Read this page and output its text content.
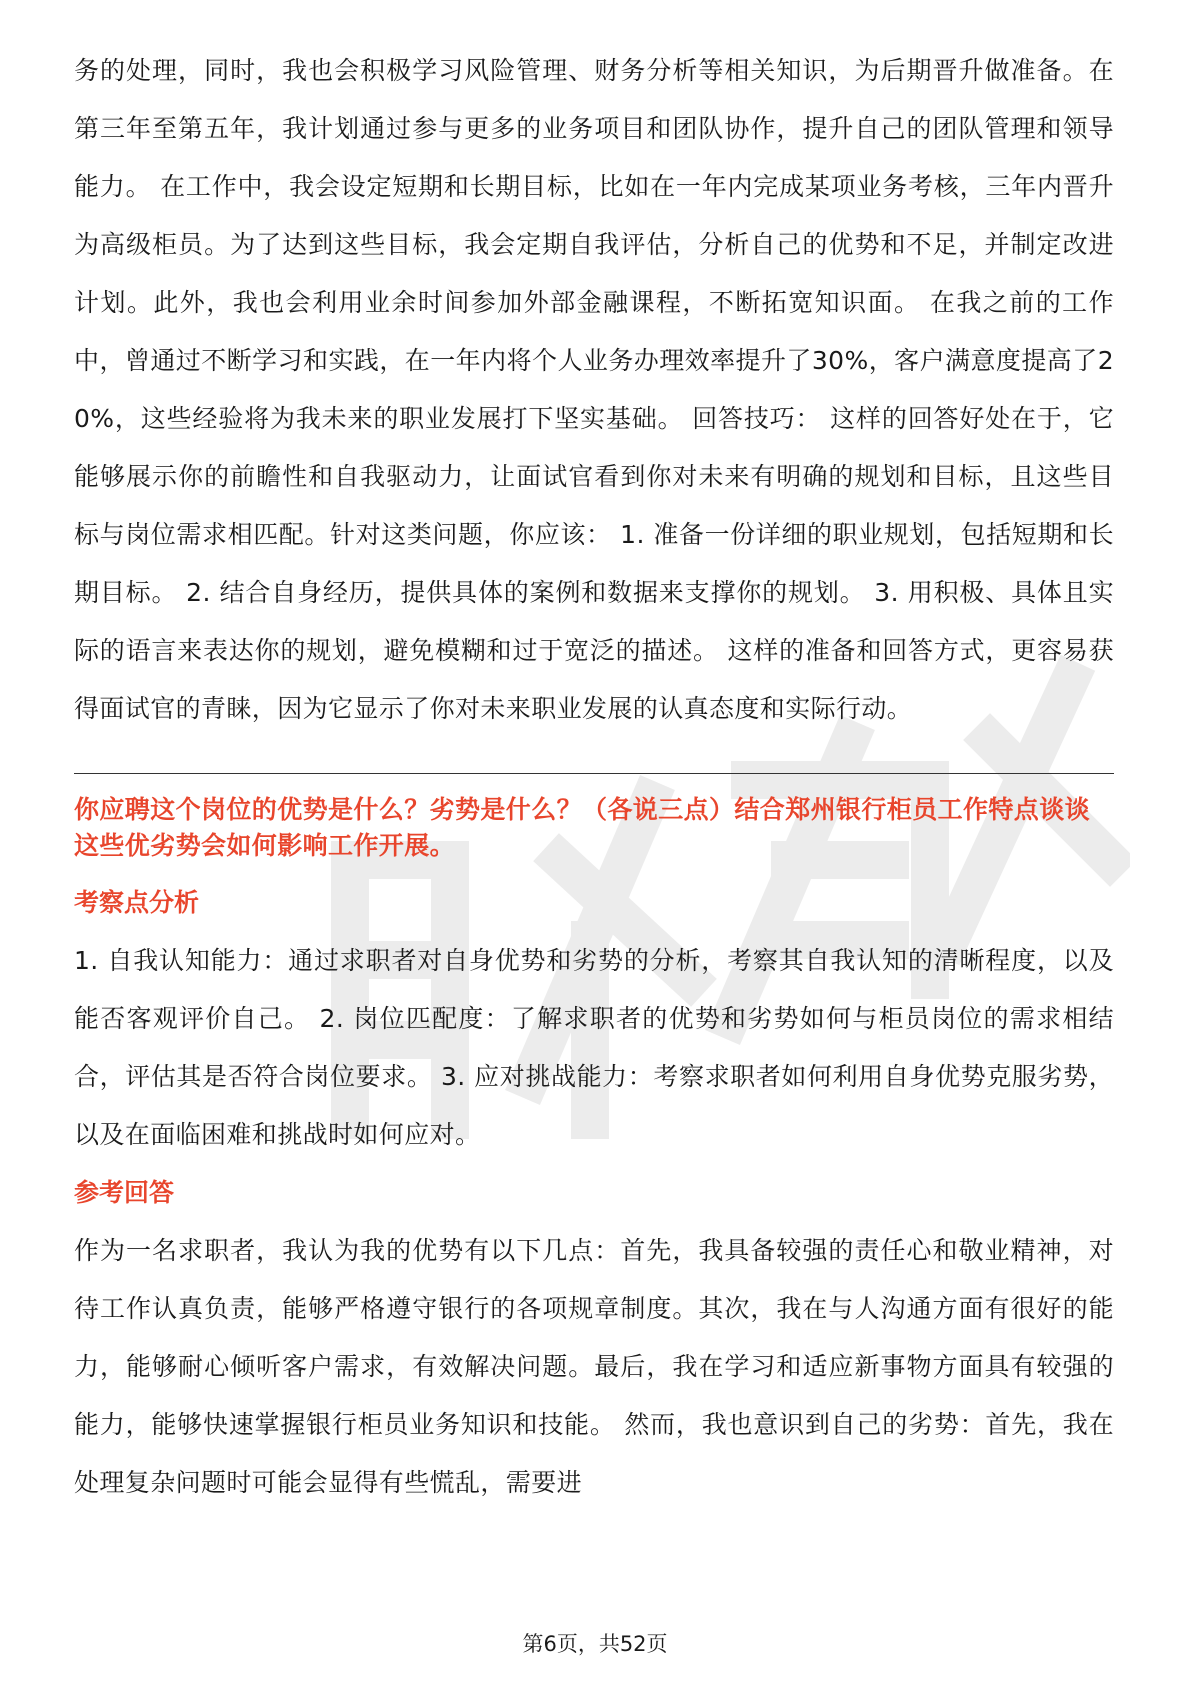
务的处理，同时，我也会积极学习风险管理、财务分析等相关知识，为后期晋升做准备。在第三年至第五年，我计划通过参与更多的业务项目和团队协作，提升自己的团队管理和领导能力。 在工作中，我会设定短期和长期目标，比如在一年内完成某项业务考核，三年内晋升为高级柜员。为了达到这些目标，我会定期自我评估，分析自己的优势和不足，并制定改进计划。此外，我也会利用业余时间参加外部金融课程，不断拓宽知识面。 在我之前的工作中，曾通过不断学习和实践，在一年内将个人业务办理效率提升了30%，客户满意度提高了20%，这些经验将为我未来的职业发展打下坚实基础。 回答技巧： 这样的回答好处在于，它能够展示你的前瞻性和自我驱动力，让面试官看到你对未来有明确的规划和目标，且这些目标与岗位需求相匹配。针对这类问题，你应该： 1. 准备一份详细的职业规划，包括短期和长期目标。 2. 结合自身经历，提供具体的案例和数据来支撑你的规划。 3. 用积极、具体且实际的语言来表达你的规划，避免模糊和过于宽泛的描述。 这样的准备和回答方式，更容易获得面试官的青睐，因为它显示了你对未来职业发展的认真态度和实际行动。

你应聘这个岗位的优势是什么？劣势是什么？（各说三点）结合郑州银行柜员工作特点谈谈这些优劣势会如何影响工作开展。

考察点分析

1. 自我认知能力：通过求职者对自身优势和劣势的分析，考察其自我认知的清晰程度，以及能否客观评价自己。 2. 岗位匹配度：了解求职者的优势和劣势如何与柜员岗位的需求相结合，评估其是否符合岗位要求。 3. 应对挑战能力：考察求职者如何利用自身优势克服劣势，以及在面临困难和挑战时如何应对。

参考回答

作为一名求职者，我认为我的优势有以下几点：首先，我具备较强的责任心和敬业精神，对待工作认真负责，能够严格遵守银行的各项规章制度。其次，我在与人沟通方面有很好的能力，能够耐心倾听客户需求，有效解决问题。最后，我在学习和适应新事物方面具有较强的能力，能够快速掌握银行柜员业务知识和技能。 然而，我也意识到自己的劣势：首先，我在处理复杂问题时可能会显得有些慌乱，需要进

第6页，共52页
